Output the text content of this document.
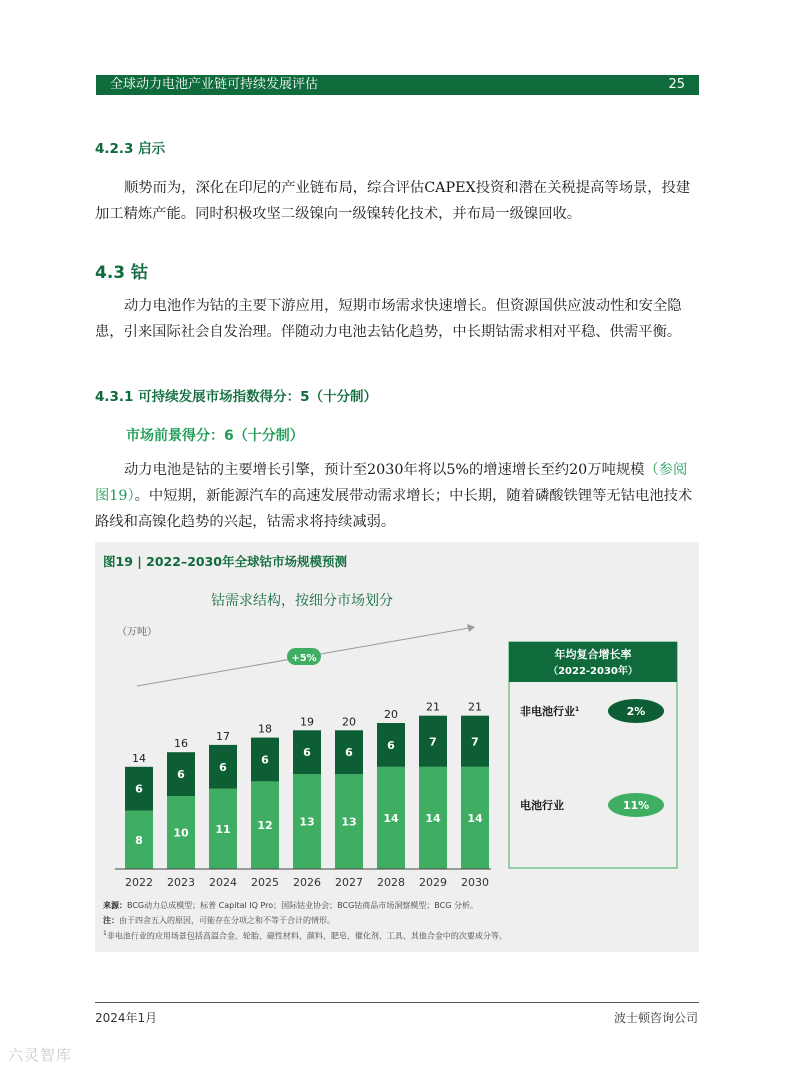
全球动力电池产业链可持续发展评估	25
4.2.3 启示

顺势而为，深化在印尼的产业链布局，综合评估CAPEX投资和潜在关税提高等场景，投建加工精炼产能。同时积极攻坚二级镍向一级镍转化技术，并布局一级镍回收。

4.3 钴

动力电池作为钴的主要下游应用，短期市场需求快速增长。但资源国供应波动性和安全隐患，引来国际社会自发治理。伴随动力电池去钴化趋势，中长期钴需求相对平稳、供需平衡。

4.3.1 可持续发展市场指数得分：5（十分制）
市场前景得分：6（十分制）

动力电池是钴的主要增长引擎，预计至2030年将以5%的增速增长至约20万吨规模（参阅图19）。中短期，新能源汽车的高速发展带动需求增长；中长期，随着磷酸铁锂等无钴电池技术路线和高镍化趋势的兴起，钴需求将持续减弱。

+5%
（万吨）
8
6
14
2022
10
6
16
2023
11
6
17
2024
12
6
18
2025
13
6
19
2026
13
6
20
2027
14
6
20
2028
14
7
21
2029
14
7
21
2030
年均复合增长率
（2022-2030年）
非电池行业$^1$	2%
电池行业	11%
图19 | 2022–2030年全球钴市场规模预测
钴需求结构，按细分市场划分
来源：BCG动力总成模型；标普 Capital IQ Pro；国际钴业协会；BCG钴商品市场洞察模型；BCG 分析。
注：由于四舍五入的原因，可能存在分项之和不等于合计的情形。
$^1$非电池行业的应用场景包括高温合金、轮胎、磁性材料、颜料、肥皂、催化剂、工具、其他合金中的次要成分等。
2024年1月	波士顿咨询公司
六灵智库
